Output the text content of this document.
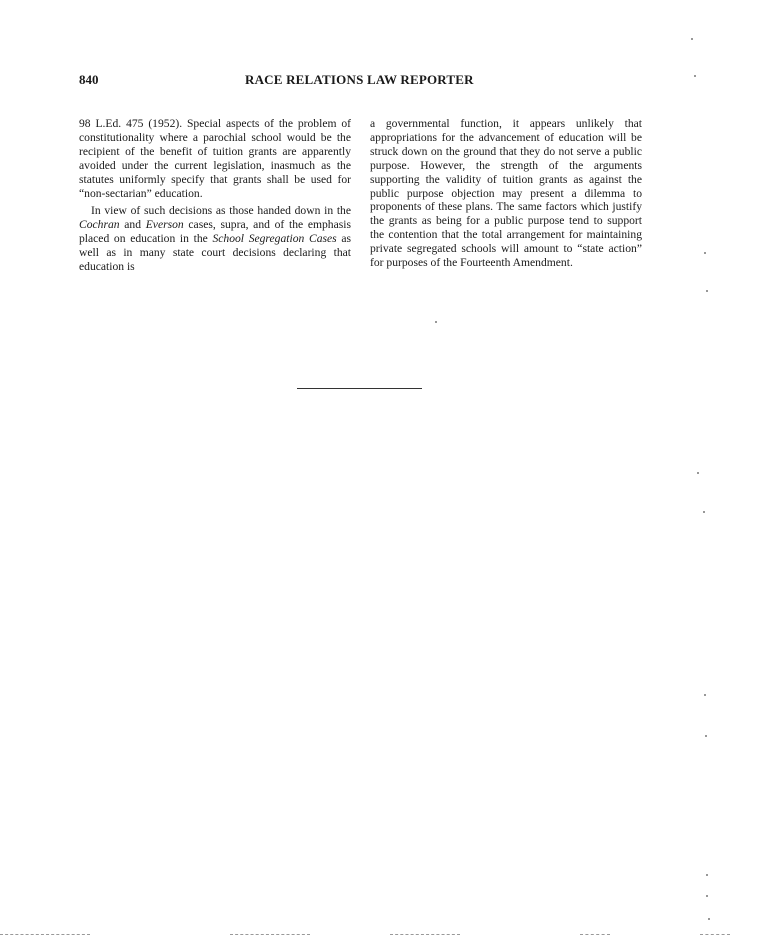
840	RACE RELATIONS LAW REPORTER

98 L.Ed. 475 (1952). Special aspects of the problem of constitutionality where a parochial school would be the recipient of the benefit of tuition grants are apparently avoided under the current legislation, inasmuch as the statutes uniformly specify that grants shall be used for “non-sectarian” education.

In view of such decisions as those handed down in the Cochran and Everson cases, supra, and of the emphasis placed on education in the School Segregation Cases as well as in many state court decisions declaring that education is

a governmental function, it appears unlikely that appropriations for the advancement of education will be struck down on the ground that they do not serve a public purpose. However, the strength of the arguments supporting the validity of tuition grants as against the public purpose objection may present a dilemma to proponents of these plans. The same factors which justify the grants as being for a public purpose tend to support the contention that the total arrangement for maintaining private segregated schools will amount to “state action” for purposes of the Fourteenth Amendment.
